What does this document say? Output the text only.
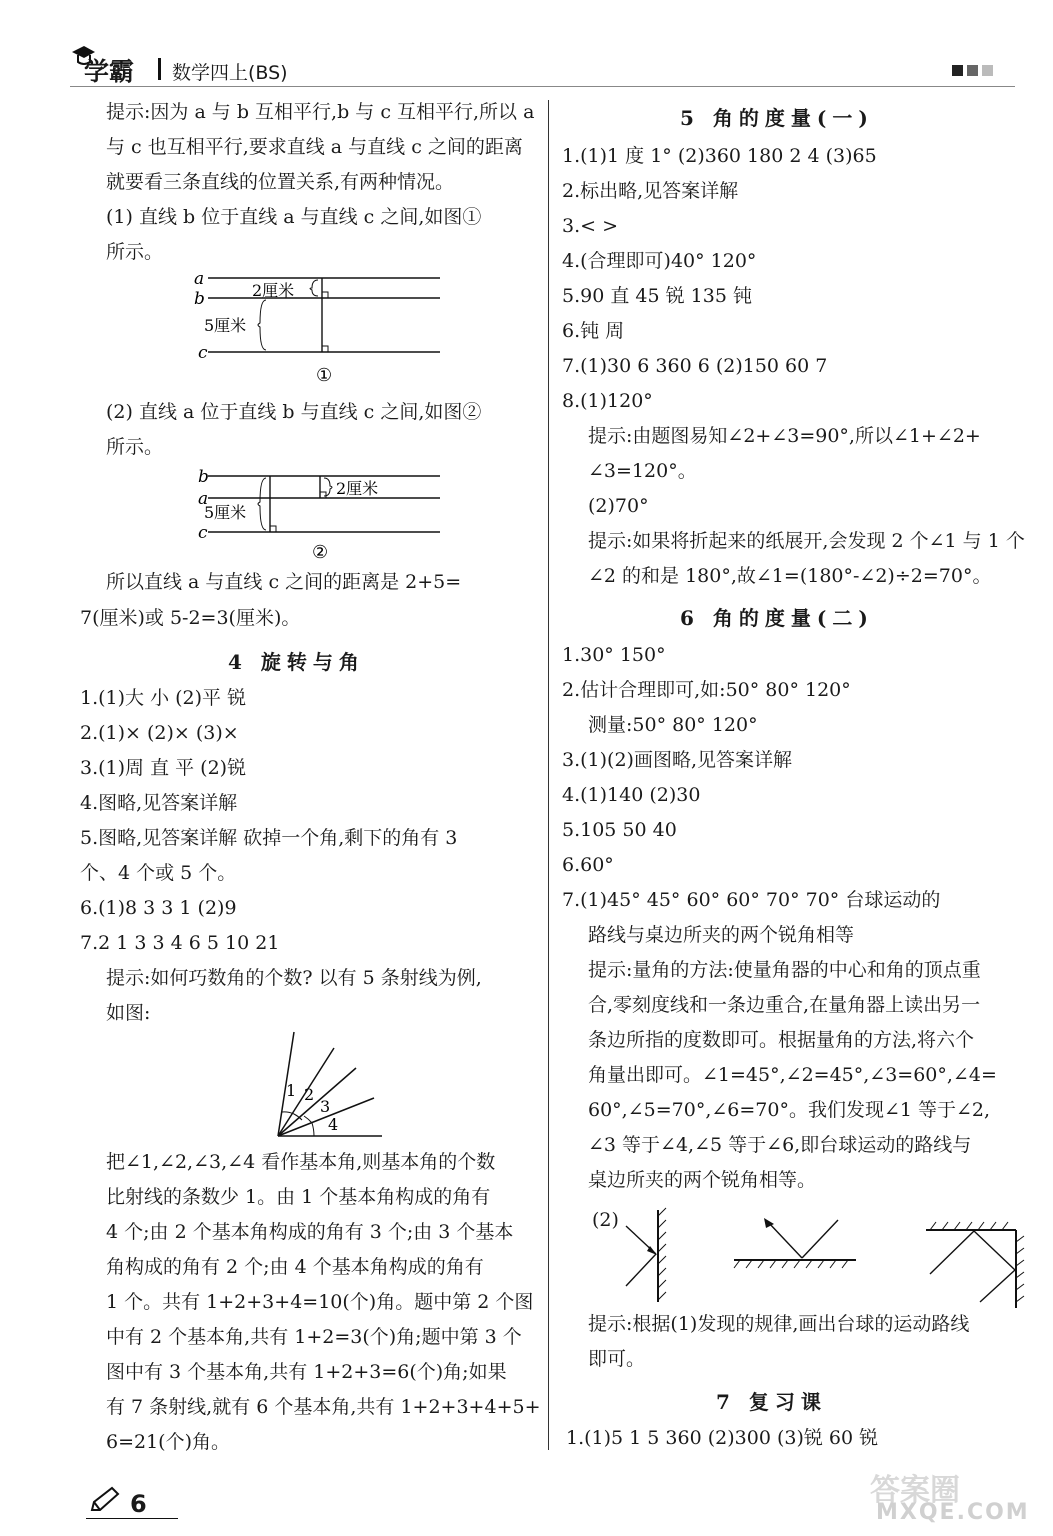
学霸 数学四上(BS)
提示:因为 a 与 b 互相平行,b 与 c 互相平行,所以 a
与 c 也互相平行,要求直线 a 与直线 c 之间的距离
就要看三条直线的位置关系,有两种情况。
(1) 直线 b 位于直线 a 与直线 c 之间,如图①
所示。
a
b
c
2厘米
5厘米
①
(2) 直线 a 位于直线 b 与直线 c 之间,如图②
所示。
b
a
c
2厘米
5厘米
②
所以直线 a 与直线 c 之间的距离是 2+5=
7(厘米)或 5-2=3(厘米)。
4 旋转与角
1.(1)大 小 (2)平 锐
2.(1)× (2)× (3)×
3.(1)周 直 平 (2)锐
4.图略,见答案详解
5.图略,见答案详解 砍掉一个角,剩下的角有 3
个、4 个或 5 个。
6.(1)8 3 3 1 (2)9
7.2 1 3 3 4 6 5 10 21
提示:如何巧数角的个数? 以有 5 条射线为例,
如图:
1 2
3
4
把∠1,∠2,∠3,∠4 看作基本角,则基本角的个数
比射线的条数少 1。由 1 个基本角构成的角有
4 个;由 2 个基本角构成的角有 3 个;由 3 个基本
角构成的角有 2 个;由 4 个基本角构成的角有
1 个。共有 1+2+3+4=10(个)角。题中第 2 个图
中有 2 个基本角,共有 1+2=3(个)角;题中第 3 个
图中有 3 个基本角,共有 1+2+3=6(个)角;如果
有 7 条射线,就有 6 个基本角,共有 1+2+3+4+5+
6=21(个)角。
6	答案圈
MXQE.COM
5 角的度量(一)
1.(1)1 度 1° (2)360 180 2 4 (3)65
2.标出略,见答案详解
3.< >
4.(合理即可)40° 120°
5.90 直 45 锐 135 钝
6.钝 周
7.(1)30 6 360 6 (2)150 60 7
8.(1)120°
提示:由题图易知∠2+∠3=90°,所以∠1+∠2+
∠3=120°。
(2)70°
提示:如果将折起来的纸展开,会发现 2 个∠1 与 1 个
∠2 的和是 180°,故∠1=(180°-∠2)÷2=70°。
6 角的度量(二)
1.30° 150°
2.估计合理即可,如:50° 80° 120°
测量:50° 80° 120°
3.(1)(2)画图略,见答案详解
4.(1)140 (2)30
5.105 50 40
6.60°
7.(1)45° 45° 60° 60° 70° 70° 台球运动的
路线与桌边所夹的两个锐角相等
提示:量角的方法:使量角器的中心和角的顶点重
合,零刻度线和一条边重合,在量角器上读出另一
条边所指的度数即可。根据量角的方法,将六个
角量出即可。∠1=45°,∠2=45°,∠3=60°,∠4=
60°,∠5=70°,∠6=70°。我们发现∠1 等于∠2,
∠3 等于∠4,∠5 等于∠6,即台球运动的路线与
桌边所夹的两个锐角相等。
(2)
提示:根据(1)发现的规律,画出台球的运动路线
即可。
7 复习课
1.(1)5 1 5 360 (2)300 (3)锐 60 锐
